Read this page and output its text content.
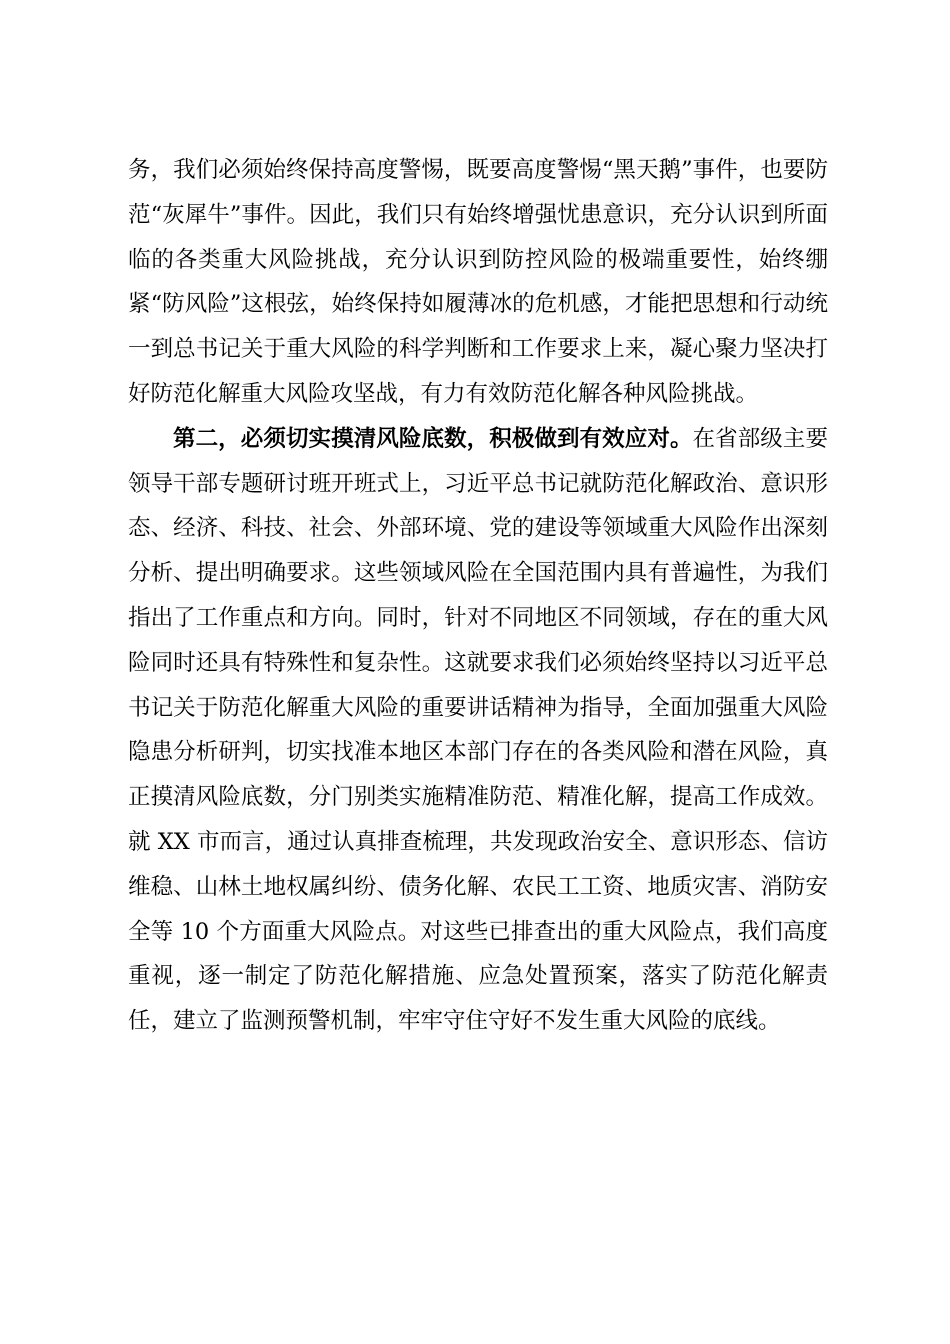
务，我们必须始终保持高度警惕，既要高度警惕“黑天鹅”事件，也要防范“灰犀牛”事件。因此，我们只有始终增强忧患意识，充分认识到所面临的各类重大风险挑战，充分认识到防控风险的极端重要性，始终绷紧“防风险”这根弦，始终保持如履薄冰的危机感，才能把思想和行动统一到总书记关于重大风险的科学判断和工作要求上来，凝心聚力坚决打好防范化解重大风险攻坚战，有力有效防范化解各种风险挑战。

第二，必须切实摸清风险底数，积极做到有效应对。在省部级主要领导干部专题研讨班开班式上，习近平总书记就防范化解政治、意识形态、经济、科技、社会、外部环境、党的建设等领域重大风险作出深刻分析、提出明确要求。这些领域风险在全国范围内具有普遍性，为我们指出了工作重点和方向。同时，针对不同地区不同领域，存在的重大风险同时还具有特殊性和复杂性。这就要求我们必须始终坚持以习近平总书记关于防范化解重大风险的重要讲话精神为指导，全面加强重大风险隐患分析研判，切实找准本地区本部门存在的各类风险和潜在风险，真正摸清风险底数，分门别类实施精准防范、精准化解，提高工作成效。就 XX 市而言，通过认真排查梳理，共发现政治安全、意识形态、信访维稳、山林土地权属纠纷、债务化解、农民工工资、地质灾害、消防安全等 10 个方面重大风险点。对这些已排查出的重大风险点，我们高度重视，逐一制定了防范化解措施、应急处置预案，落实了防范化解责任，建立了监测预警机制，牢牢守住守好不发生重大风险的底线。
